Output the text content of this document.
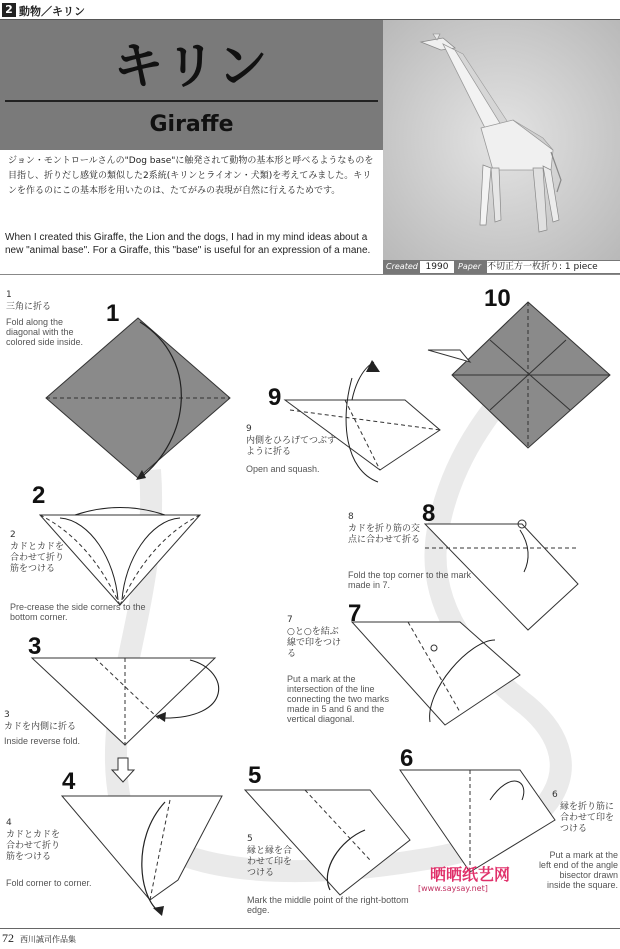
2 動物／キリン
キリン
Giraffe
ジョン・モントロールさんの"Dog base"に触発されて動物の基本形と呼べるようなものを目指し、折りだし感覚の類似した2系統(キリンとライオン・犬類)を考えてみました。キリンを作るのにこの基本形を用いたのは、たてがみの表現が自然に行えるためです。
When I created this Giraffe, the Lion and the dogs, I had in my mind ideas about a new "animal base". For a Giraffe, this "base" is useful for an expression of a mane.
Created 1990	Paper 不切正方一枚折り: 1 piece
1
1
三角に折る
Fold along the diagonal with the colored side inside.
2
2
カドとカドを合わせて折り筋をつける
Pre-crease the side corners to the bottom corner.
3
3
カドを内側に折る
Inside reverse fold.
4
4
カドとカドを合わせて折り筋をつける
Fold corner to corner.
5
5
縁と縁を合わせて印をつける
Mark the middle point of the right-bottom edge.
6
6
縁を折り筋に合わせて印をつける
Put a mark at the left end of the angle bisector drawn inside the square.
7
7
○と○を結ぶ線で印をつける
Put a mark at the intersection of the line connecting the two marks made in 5 and 6 and the vertical diagonal.
8
8
カドを折り筋の交点に合わせて折る
Fold the top corner to the mark made in 7.
9
9
内側をひろげてつぶすように折る
Open and squash.
10
晒晒纸艺网
[www.saysay.net]
72 西川誠司作品集
